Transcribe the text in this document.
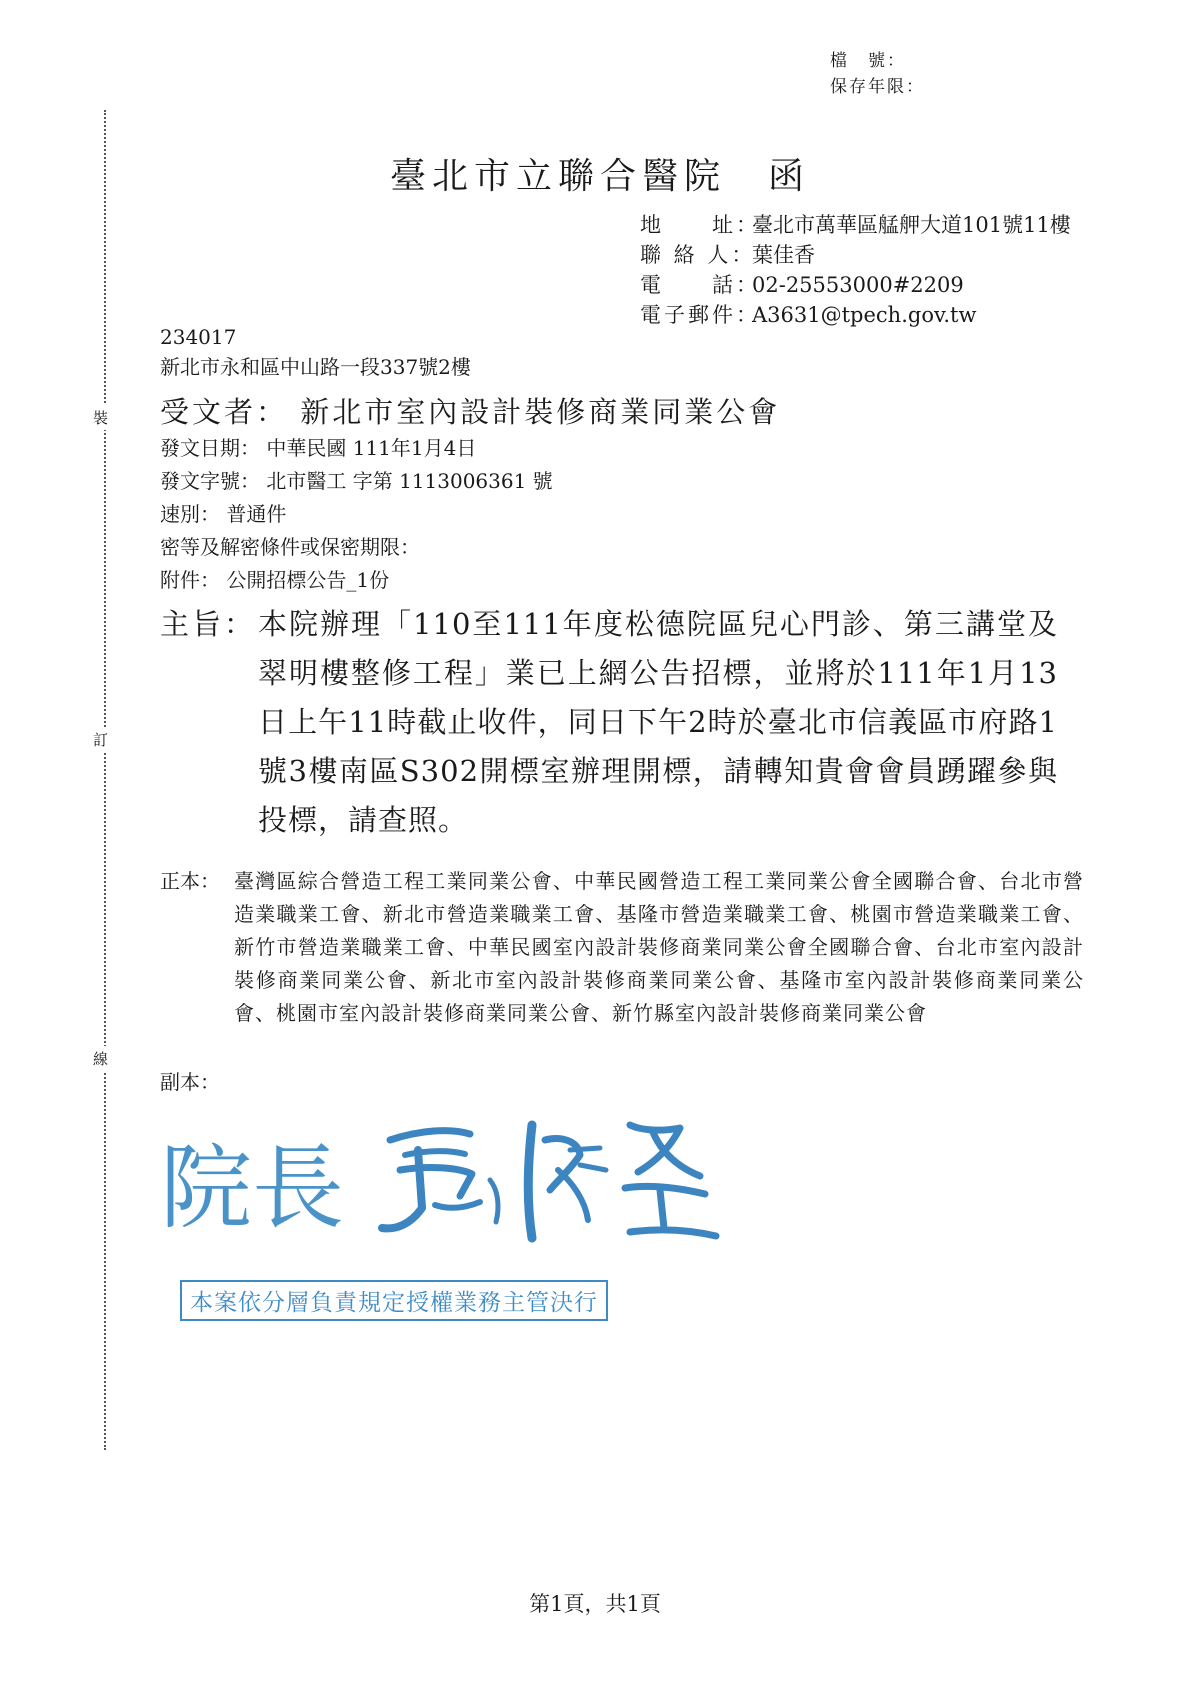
檔　號：
保存年限：
裝
訂
線
臺北市立聯合醫院　函
地　　址：
臺北市萬華區艋舺大道101號11樓
聯 絡 人：
葉佳香
電　　話：
02-25553000#2209
電子郵件：
A3631@tpech.gov.tw
234017
新北市永和區中山路一段337號2樓
受文者： 新北市室內設計裝修商業同業公會
發文日期： 中華民國 111年1月4日
發文字號： 北市醫工 字第 1113006361 號
速別： 普通件
密等及解密條件或保密期限：
附件： 公開招標公告_1份
主旨： 本院辦理「110至111年度松德院區兒心門診、第三講堂及翠明樓整修工程」業已上網公告招標，並將於111年1月13日上午11時截止收件，同日下午2時於臺北市信義區市府路1號3樓南區S302開標室辦理開標，請轉知貴會會員踴躍參與投標，請查照。
正本： 臺灣區綜合營造工程工業同業公會、中華民國營造工程工業同業公會全國聯合會、台北市營造業職業工會、新北市營造業職業工會、基隆市營造業職業工會、桃園市營造業職業工會、新竹市營造業職業工會、中華民國室內設計裝修商業同業公會全國聯合會、台北市室內設計裝修商業同業公會、新北市室內設計裝修商業同業公會、基隆市室內設計裝修商業同業公會、桃園市室內設計裝修商業同業公會、新竹縣室內設計裝修商業同業公會
副本：
院長
本案依分層負責規定授權業務主管決行
第1頁，共1頁
